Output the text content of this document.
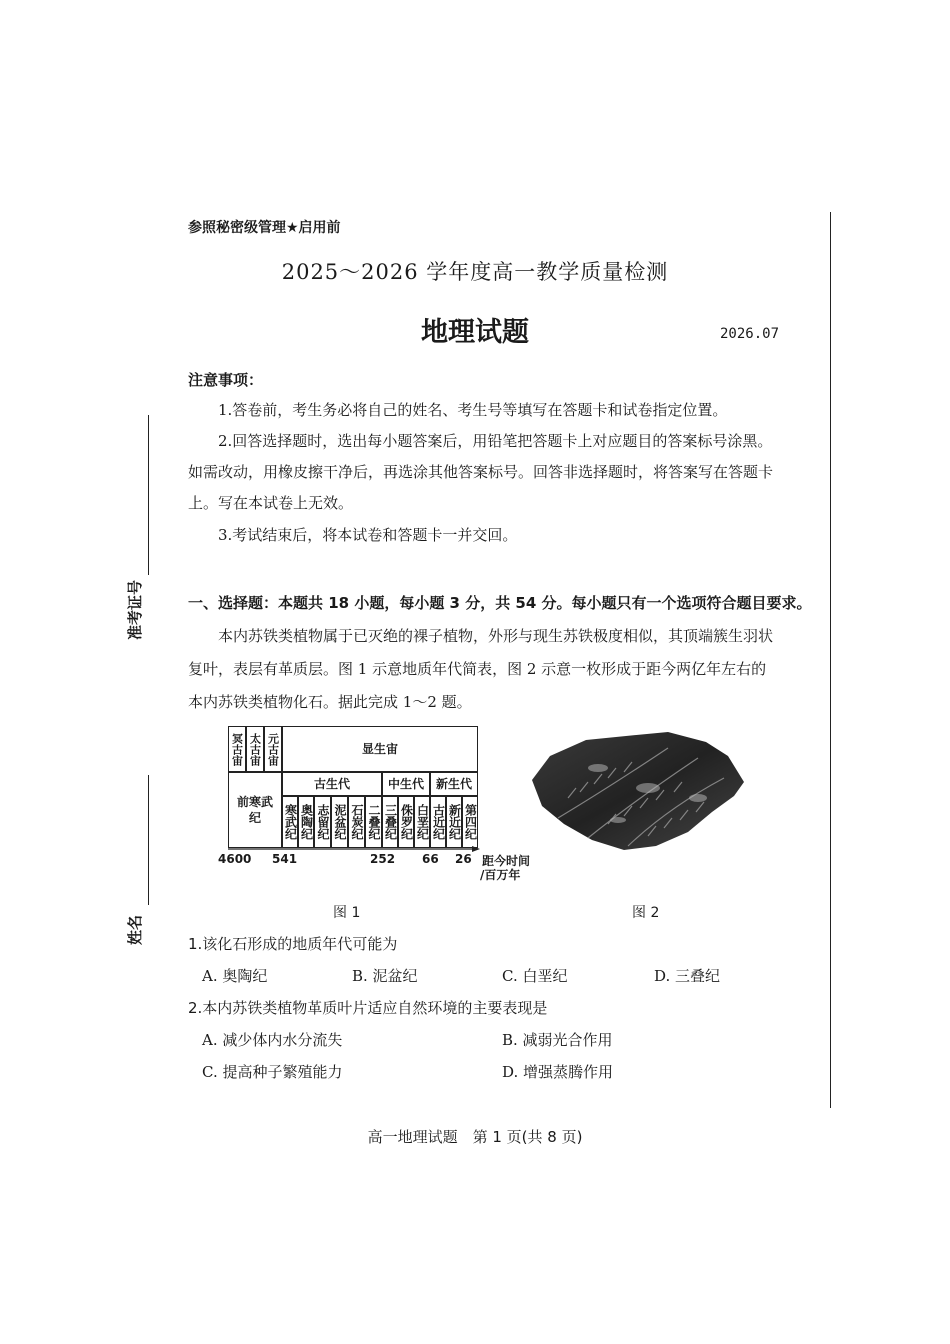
参照秘密级管理★启用前
2025～2026 学年度高一教学质量检测
地理试题	2026.07
准考证号
姓名
注意事项：
1.答卷前，考生务必将自己的姓名、考生号等填写在答题卡和试卷指定位置。
2.回答选择题时，选出每小题答案后，用铅笔把答题卡上对应题目的答案标号涂黑。如需改动，用橡皮擦干净后，再选涂其他答案标号。回答非选择题时，将答案写在答题卡上。写在本试卷上无效。
3.考试结束后，将本试卷和答题卡一并交回。
一、选择题：本题共 18 小题，每小题 3 分，共 54 分。每小题只有一个选项符合题目要求。
本内苏铁类植物属于已灭绝的裸子植物，外形与现生苏铁极度相似，其顶端簇生羽状复叶，表层有革质层。图 1 示意地质年代简表，图 2 示意一枚形成于距今两亿年左右的本内苏铁类植物化石。据此完成 1～2 题。
冥古宙 太古宙 元古宙	显生宙
前寒武纪
古生代	中生代 新生代
寒武纪 奥陶纪 志留纪 泥盆纪 石炭纪 二叠纪 三叠纪 侏罗纪 白垩纪 古近纪 新近纪 第四纪
4600 541	252 66 26 距今时间
/百万年
图 1	图 2
1.该化石形成的地质年代可能为
A. 奥陶纪	B. 泥盆纪	C. 白垩纪	D. 三叠纪
2.本内苏铁类植物革质叶片适应自然环境的主要表现是
A. 减少体内水分流失	B. 减弱光合作用
C. 提高种子繁殖能力	D. 增强蒸腾作用
高一地理试题　第 1 页(共 8 页)
